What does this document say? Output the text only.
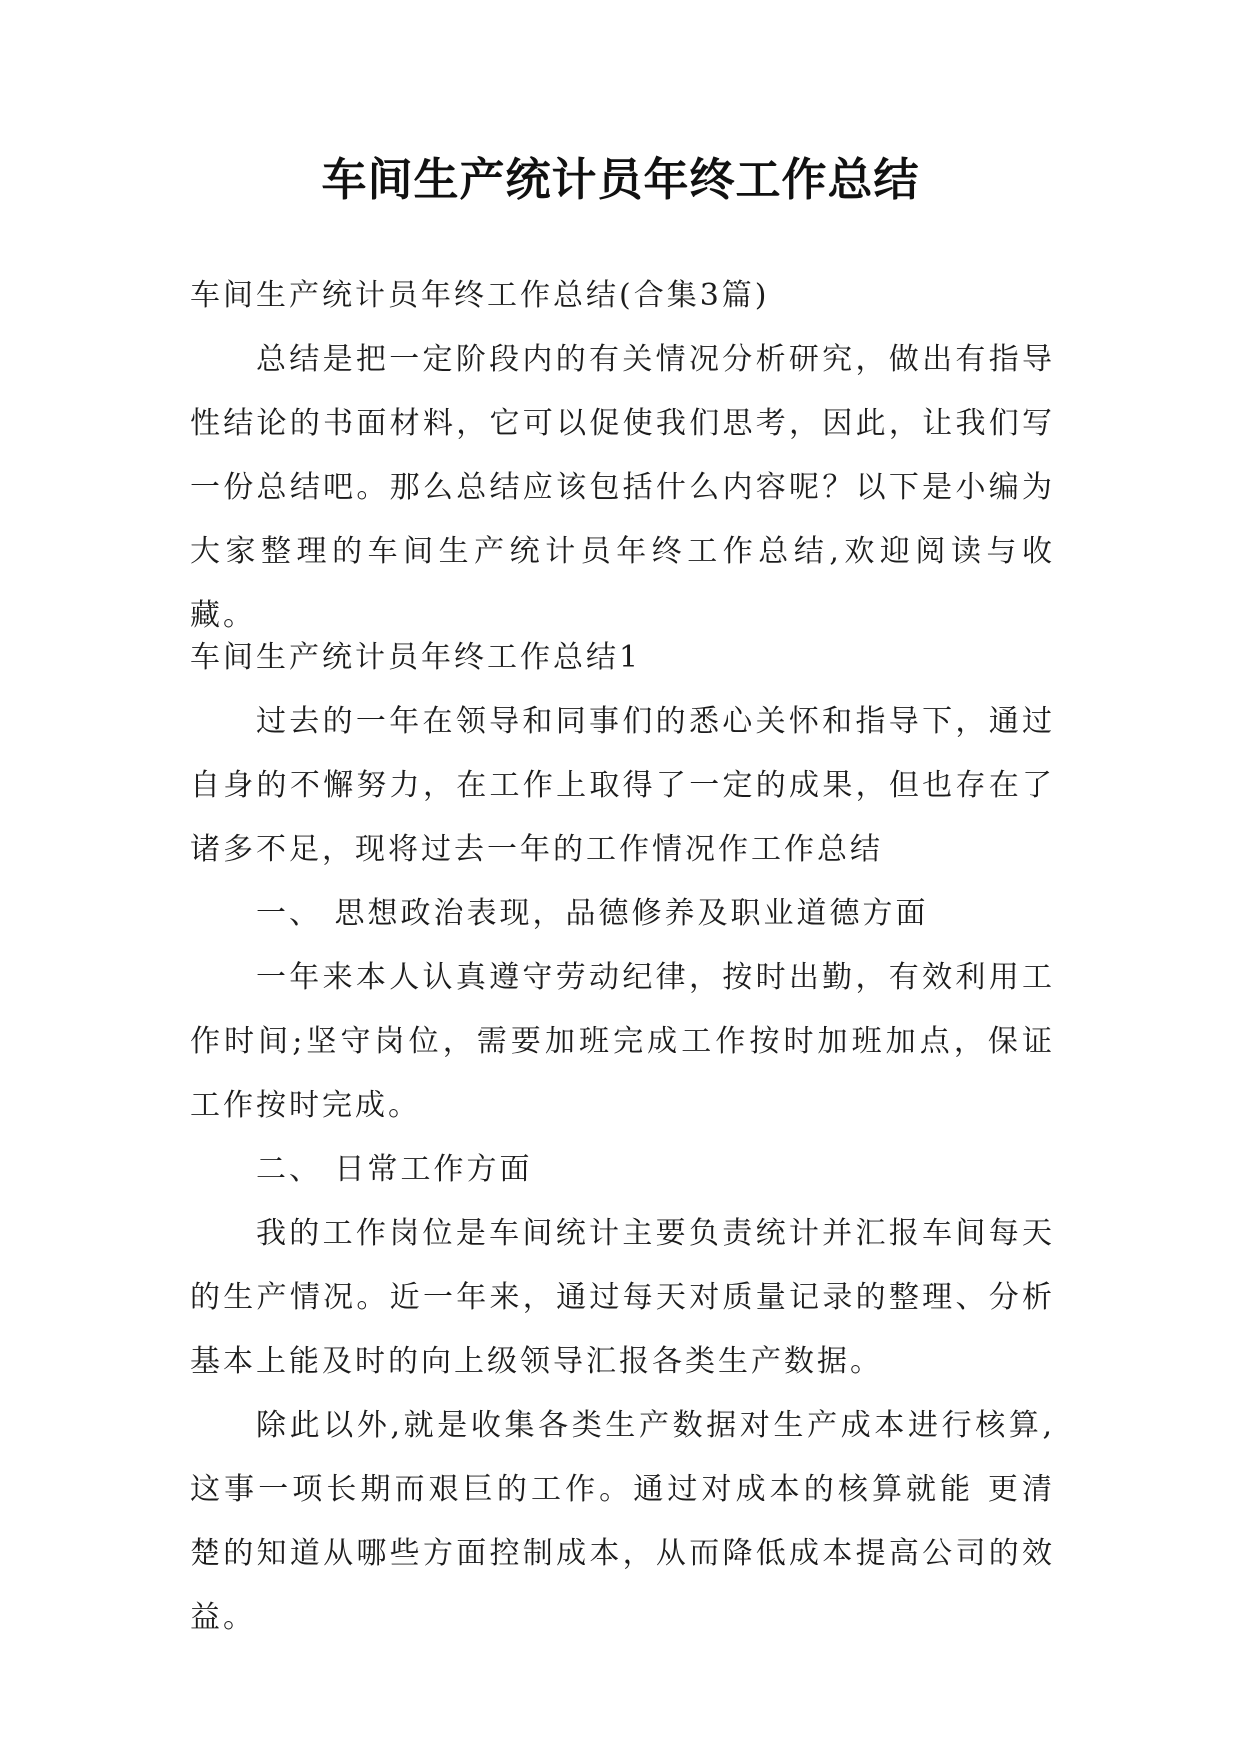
车间生产统计员年终工作总结

车间生产统计员年终工作总结(合集3篇)

总结是把一定阶段内的有关情况分析研究，做出有指导性结论的书面材料，它可以促使我们思考，因此，让我们写一份总结吧。那么总结应该包括什么内容呢？以下是小编为大家整理的车间生产统计员年终工作总结,欢迎阅读与收藏。

车间生产统计员年终工作总结1

过去的一年在领导和同事们的悉心关怀和指导下，通过自身的不懈努力，在工作上取得了一定的成果，但也存在了诸多不足，现将过去一年的工作情况作工作总结

一、 思想政治表现，品德修养及职业道德方面

一年来本人认真遵守劳动纪律，按时出勤，有效利用工作时间;坚守岗位，需要加班完成工作按时加班加点，保证工作按时完成。

二、 日常工作方面

我的工作岗位是车间统计主要负责统计并汇报车间每天的生产情况。近一年来，通过每天对质量记录的整理、分析基本上能及时的向上级领导汇报各类生产数据。

除此以外,就是收集各类生产数据对生产成本进行核算,这事一项长期而艰巨的工作。通过对成本的核算就能 更清楚的知道从哪些方面控制成本，从而降低成本提高公司的效益。
